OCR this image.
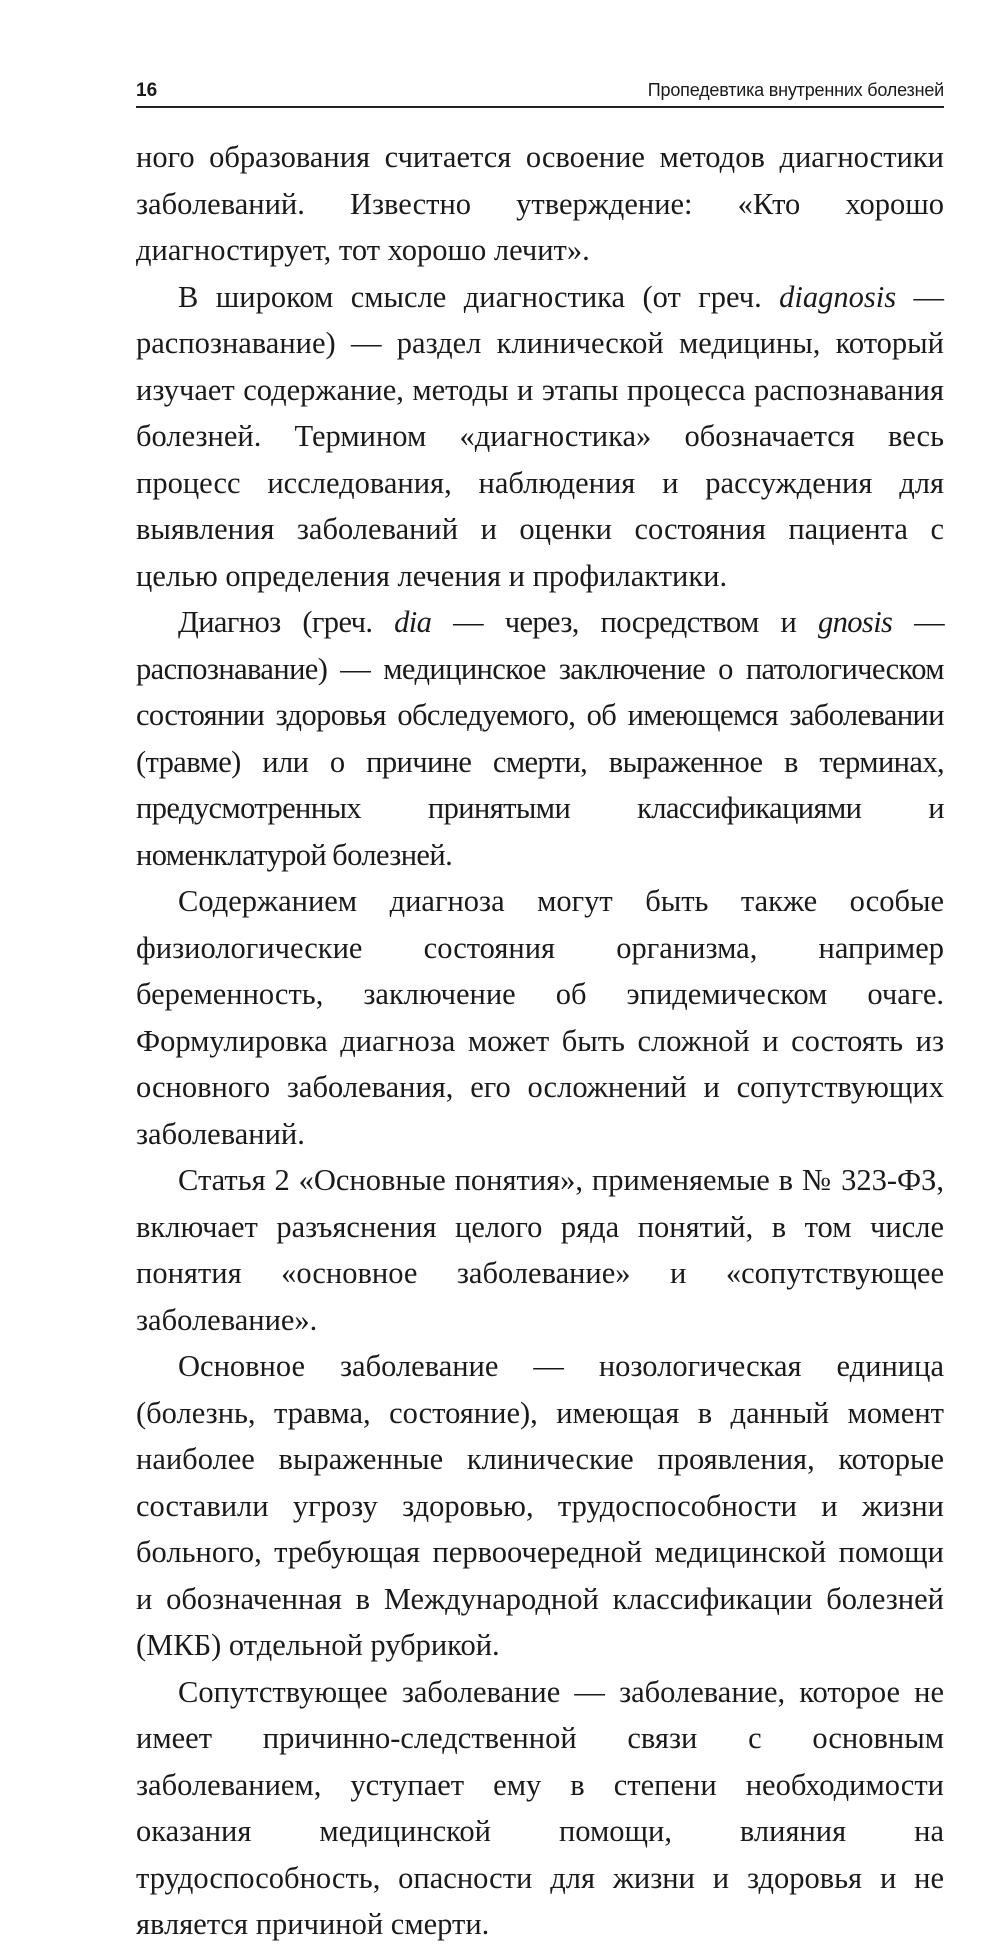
16	Пропедевтика внутренних болезней

ного образования считается освоение методов диагностики заболеваний. Известно утверждение: «Кто хорошо диагностирует, тот хорошо лечит».

В широком смысле диагностика (от греч. diagnosis — распознавание) — раздел клинической медицины, который изучает содержание, методы и этапы процесса распознавания болезней. Термином «диагностика» обозначается весь процесс исследования, наблюдения и рассуждения для выявления заболеваний и оценки состояния пациента с целью определения лечения и профилактики.

Диагноз (греч. dia — через, посредством и gnosis — распознавание) — медицинское заключение о патологическом состоянии здоровья обследуемого, об имеющемся заболевании (травме) или о причине смерти, выраженное в терминах, предусмотренных принятыми классификациями и номенклатурой болезней.

Содержанием диагноза могут быть также особые физиологические состояния организма, например беременность, заключение об эпидемическом очаге. Формулировка диагноза может быть сложной и состоять из основного заболевания, его осложнений и сопутствующих заболеваний.

Статья 2 «Основные понятия», применяемые в № 323-ФЗ, включает разъяснения целого ряда понятий, в том числе понятия «основное заболевание» и «сопутствующее заболевание».

Основное заболевание — нозологическая единица (болезнь, травма, состояние), имеющая в данный момент наиболее выраженные клинические проявления, которые составили угрозу здоровью, трудоспособности и жизни больного, требующая первоочередной медицинской помощи и обозначенная в Международной классификации болезней (МКБ) отдельной рубрикой.

Сопутствующее заболевание — заболевание, которое не имеет причинно-следственной связи с основным заболеванием, уступает ему в степени необходимости оказания медицинской помощи, влияния на трудоспособность, опасности для жизни и здоровья и не является причиной смерти.
